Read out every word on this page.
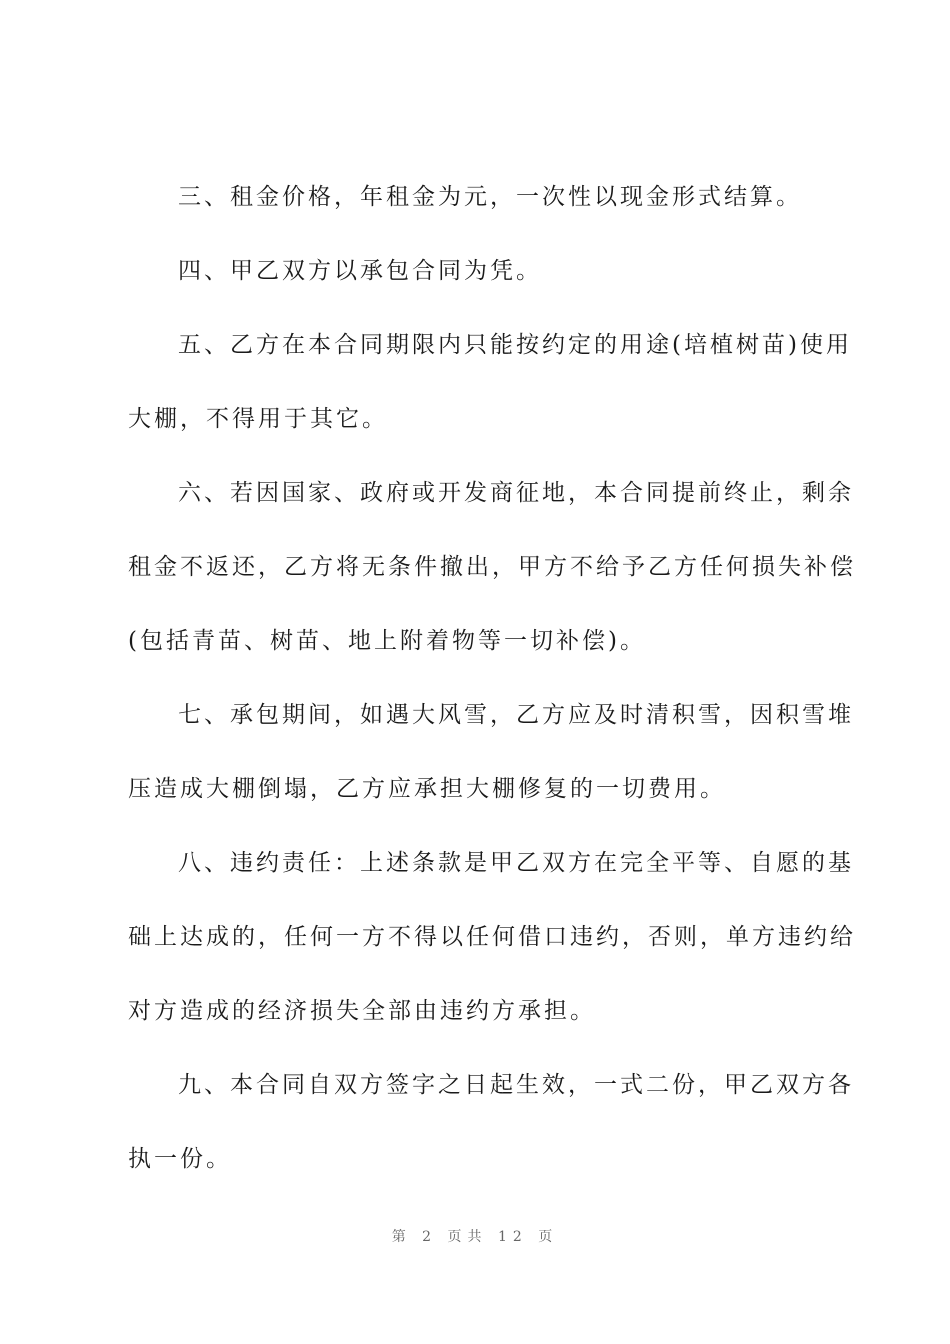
三、租金价格，年租金为元，一次性以现金形式结算。
四、甲乙双方以承包合同为凭。
五、乙方在本合同期限内只能按约定的用途(培植树苗)使用
大棚，不得用于其它。
六、若因国家、政府或开发商征地，本合同提前终止，剩余
租金不返还，乙方将无条件撤出，甲方不给予乙方任何损失补偿
(包括青苗、树苗、地上附着物等一切补偿)。
七、承包期间，如遇大风雪，乙方应及时清积雪，因积雪堆
压造成大棚倒塌，乙方应承担大棚修复的一切费用。
八、违约责任：上述条款是甲乙双方在完全平等、自愿的基
础上达成的，任何一方不得以任何借口违约，否则，单方违约给
对方造成的经济损失全部由违约方承担。
九、本合同自双方签字之日起生效，一式二份，甲乙双方各
执一份。
第 2 页共 12 页
